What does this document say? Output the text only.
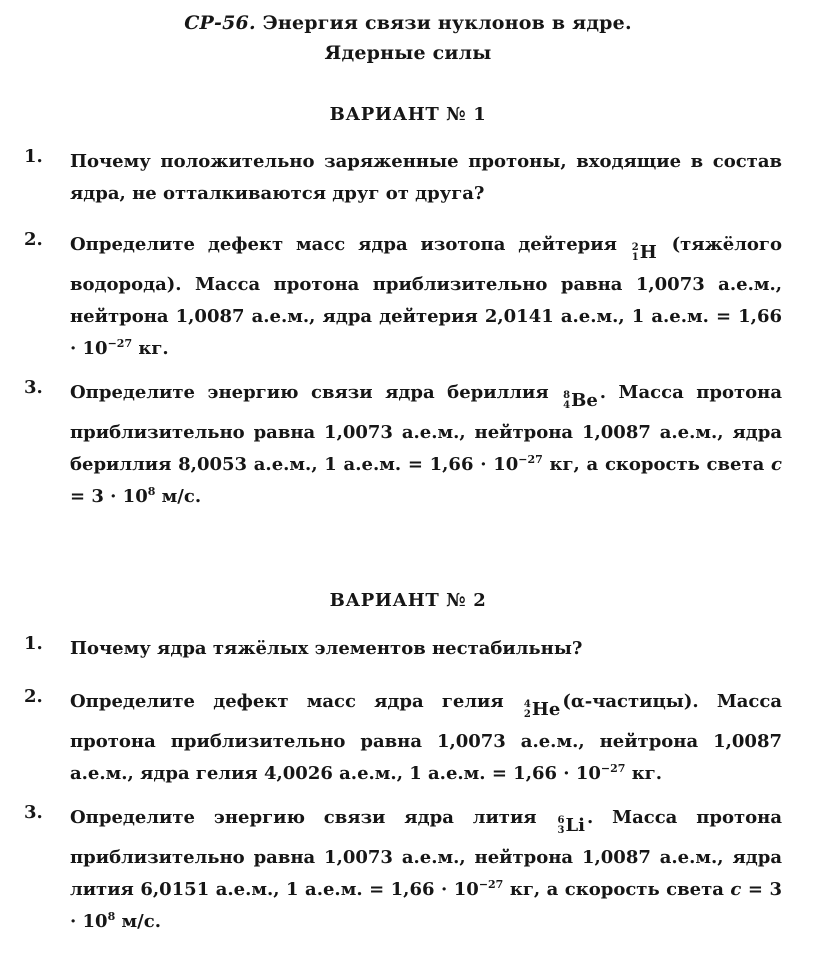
СР-56. Энергия связи нуклонов в ядре.
Ядерные силы
ВАРИАНТ № 1
1. Почему положительно заряженные протоны, входящие в состав ядра, не отталкиваются друг от друга?
2. Определите дефект масс ядра изотопа дейтерия 2
1 H (тяжёлого водорода). Масса протона приблизительно равна 1,0073 а.е.м., нейтрона 1,0087 а.е.м., ядра дейтерия 2,0141 а.е.м., 1 а.е.м. = $1,66 \cdot 10^{-27}$ кг.
3. Определите энергию связи ядра бериллия 8
4 Be . Масса протона приблизительно равна 1,0073 а.е.м., нейтрона 1,0087 а.е.м., ядра бериллия 8,0053 а.е.м., 1 а.е.м. = $1,66 \cdot 10^{-27}$ кг, а скорость света $c = 3 \cdot 10^8$ м/с.
ВАРИАНТ № 2
1. Почему ядра тяжёлых элементов нестабильны?
2. Определите дефект масс ядра гелия 4
2 He (α-частицы). Масса протона приблизительно равна 1,0073 а.е.м., нейтрона 1,0087 а.е.м., ядра гелия 4,0026 а.е.м., 1 а.е.м. = $1,66 \cdot 10^{-27}$ кг.
3. Определите энергию связи ядра лития 6
3 Li . Масса протона приблизительно равна 1,0073 а.е.м., нейтрона 1,0087 а.е.м., ядра лития 6,0151 а.е.м., 1 а.е.м. = $1,66 \cdot 10^{-27}$ кг, а скорость света $c = 3 \cdot 10^8$ м/с.
